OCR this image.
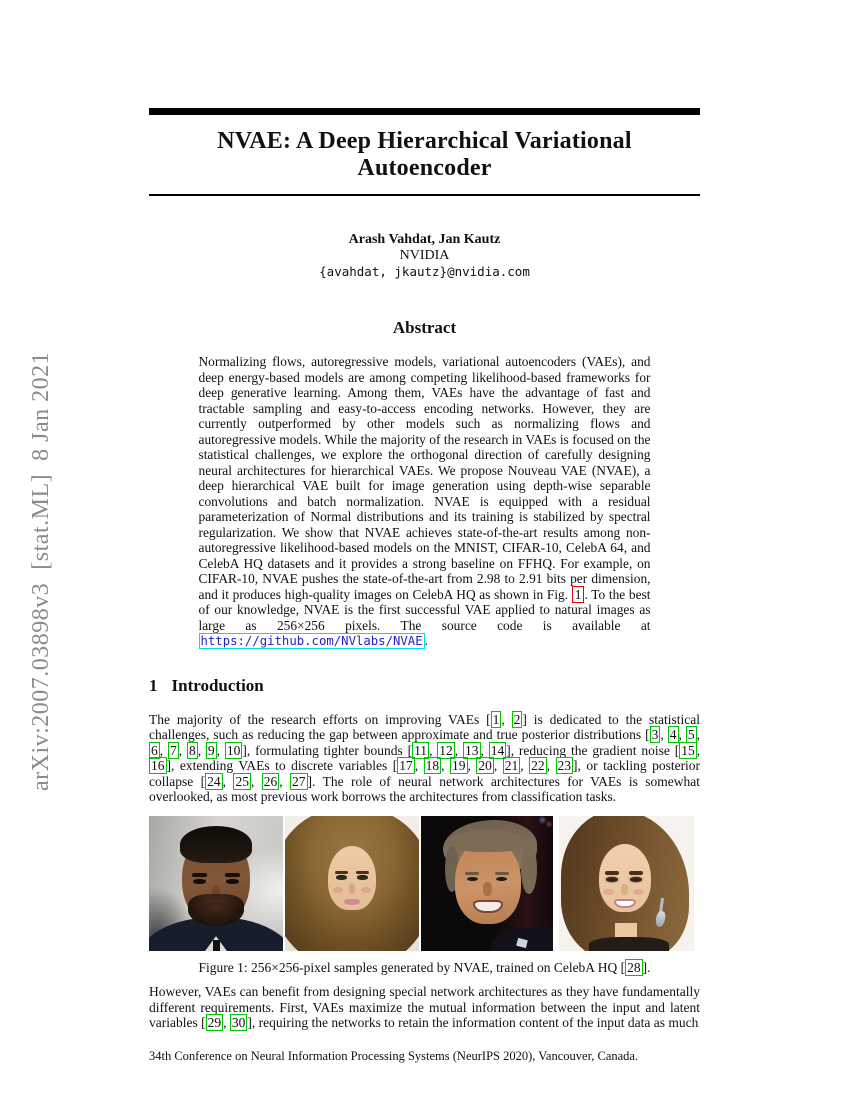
arXiv:2007.03898v3  [stat.ML]  8 Jan 2021
NVAE: A Deep Hierarchical Variational Autoencoder
Arash Vahdat, Jan Kautz
NVIDIA
{avahdat, jkautz}@nvidia.com
Abstract

Normalizing flows, autoregressive models, variational autoencoders (VAEs), and deep energy-based models are among competing likelihood-based frameworks for deep generative learning. Among them, VAEs have the advantage of fast and tractable sampling and easy-to-access encoding networks. However, they are currently outperformed by other models such as normalizing flows and autoregressive models. While the majority of the research in VAEs is focused on the statistical challenges, we explore the orthogonal direction of carefully designing neural architectures for hierarchical VAEs. We propose Nouveau VAE (NVAE), a deep hierarchical VAE built for image generation using depth-wise separable convolutions and batch normalization. NVAE is equipped with a residual parameterization of Normal distributions and its training is stabilized by spectral regularization. We show that NVAE achieves state-of-the-art results among non-autoregressive likelihood-based models on the MNIST, CIFAR-10, CelebA 64, and CelebA HQ datasets and it provides a strong baseline on FFHQ. For example, on CIFAR-10, NVAE pushes the state-of-the-art from 2.98 to 2.91 bits per dimension, and it produces high-quality images on CelebA HQ as shown in Fig. 1 . To the best of our knowledge, NVAE is the first successful VAE applied to natural images as large as 256×256 pixels. The source code is available at https://github.com/NVlabs/NVAE .

1 Introduction

The majority of the research efforts on improving VAEs [ 1 , 2 ] is dedicated to the statistical challenges, such as reducing the gap between approximate and true posterior distributions [ 3 , 4 , 5 , 6 , 7 , 8 , 9 , 10 ], formulating tighter bounds [ 11 , 12 , 13 , 14 ], reducing the gradient noise [ 15 , 16 ], extending VAEs to discrete variables [ 17 , 18 , 19 , 20 , 21 , 22 , 23 ], or tackling posterior collapse [ 24 , 25 , 26 , 27 ]. The role of neural network architectures for VAEs is somewhat overlooked, as most previous work borrows the architectures from classification tasks.

Figure 1: 256×256-pixel samples generated by NVAE, trained on CelebA HQ [ 28 ].

However, VAEs can benefit from designing special network architectures as they have fundamentally different requirements. First, VAEs maximize the mutual information between the input and latent variables [ 29 , 30 ], requiring the networks to retain the information content of the input data as much

34th Conference on Neural Information Processing Systems (NeurIPS 2020), Vancouver, Canada.
